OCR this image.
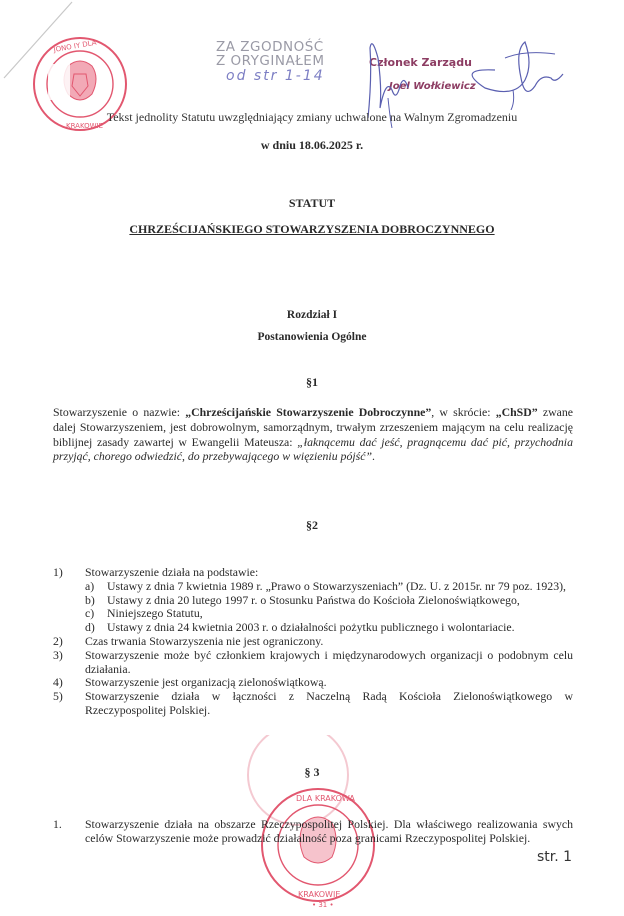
JONO IY DLA
KRAKOWIE
ZA ZGODNOŚĆ
Z ORYGINAŁEM
od str 1-14
Członek Zarządu
Joel Wołkiewicz
Tekst jednolity Statutu uwzględniający zmiany uchwalone na Walnym Zgromadzeniu
w dniu 18.06.2025 r.
STATUT
CHRZEŚCIJAŃSKIEGO STOWARZYSZENIA DOBROCZYNNEGO
Rozdział I
Postanowienia Ogólne
§1
Stowarzyszenie o nazwie: „Chrześcijańskie Stowarzyszenie Dobroczynne”, w skrócie: „ChSD” zwane dalej Stowarzyszeniem, jest dobrowolnym, samorządnym, trwałym zrzeszeniem mającym na celu realizację biblijnej zasady zawartej w Ewangelii Mateusza: „łaknącemu dać jeść, pragnącemu dać pić, przychodnia przyjąć, chorego odwiedzić, do przebywającego w więzieniu pójść”.
§2
1) Stowarzyszenie działa na podstawie:
a) Ustawy z dnia 7 kwietnia 1989 r. „Prawo o Stowarzyszeniach” (Dz. U. z 2015r. nr 79 poz. 1923),
b) Ustawy z dnia 20 lutego 1997 r. o Stosunku Państwa do Kościoła Zielonoświątkowego,
c) Niniejszego Statutu,
d) Ustawy z dnia 24 kwietnia 2003 r. o działalności pożytku publicznego i wolontariacie.
2) Czas trwania Stowarzyszenia nie jest ograniczony.
3) Stowarzyszenie może być członkiem krajowych i międzynarodowych organizacji o podobnym celu działania.
4) Stowarzyszenie jest organizacją zielonoświątkową.
5) Stowarzyszenie działa w łączności z Naczelną Radą Kościoła Zielonoświątkowego w Rzeczypospolitej Polskiej.
DLA KRAKOWA
KRAKOWIE
• 31 •
§ 3
1. Stowarzyszenie działa na obszarze Rzeczypospolitej Polskiej. Dla właściwego realizowania swych celów Stowarzyszenie może prowadzić działalność poza granicami Rzeczypospolitej Polskiej.
str. 1
